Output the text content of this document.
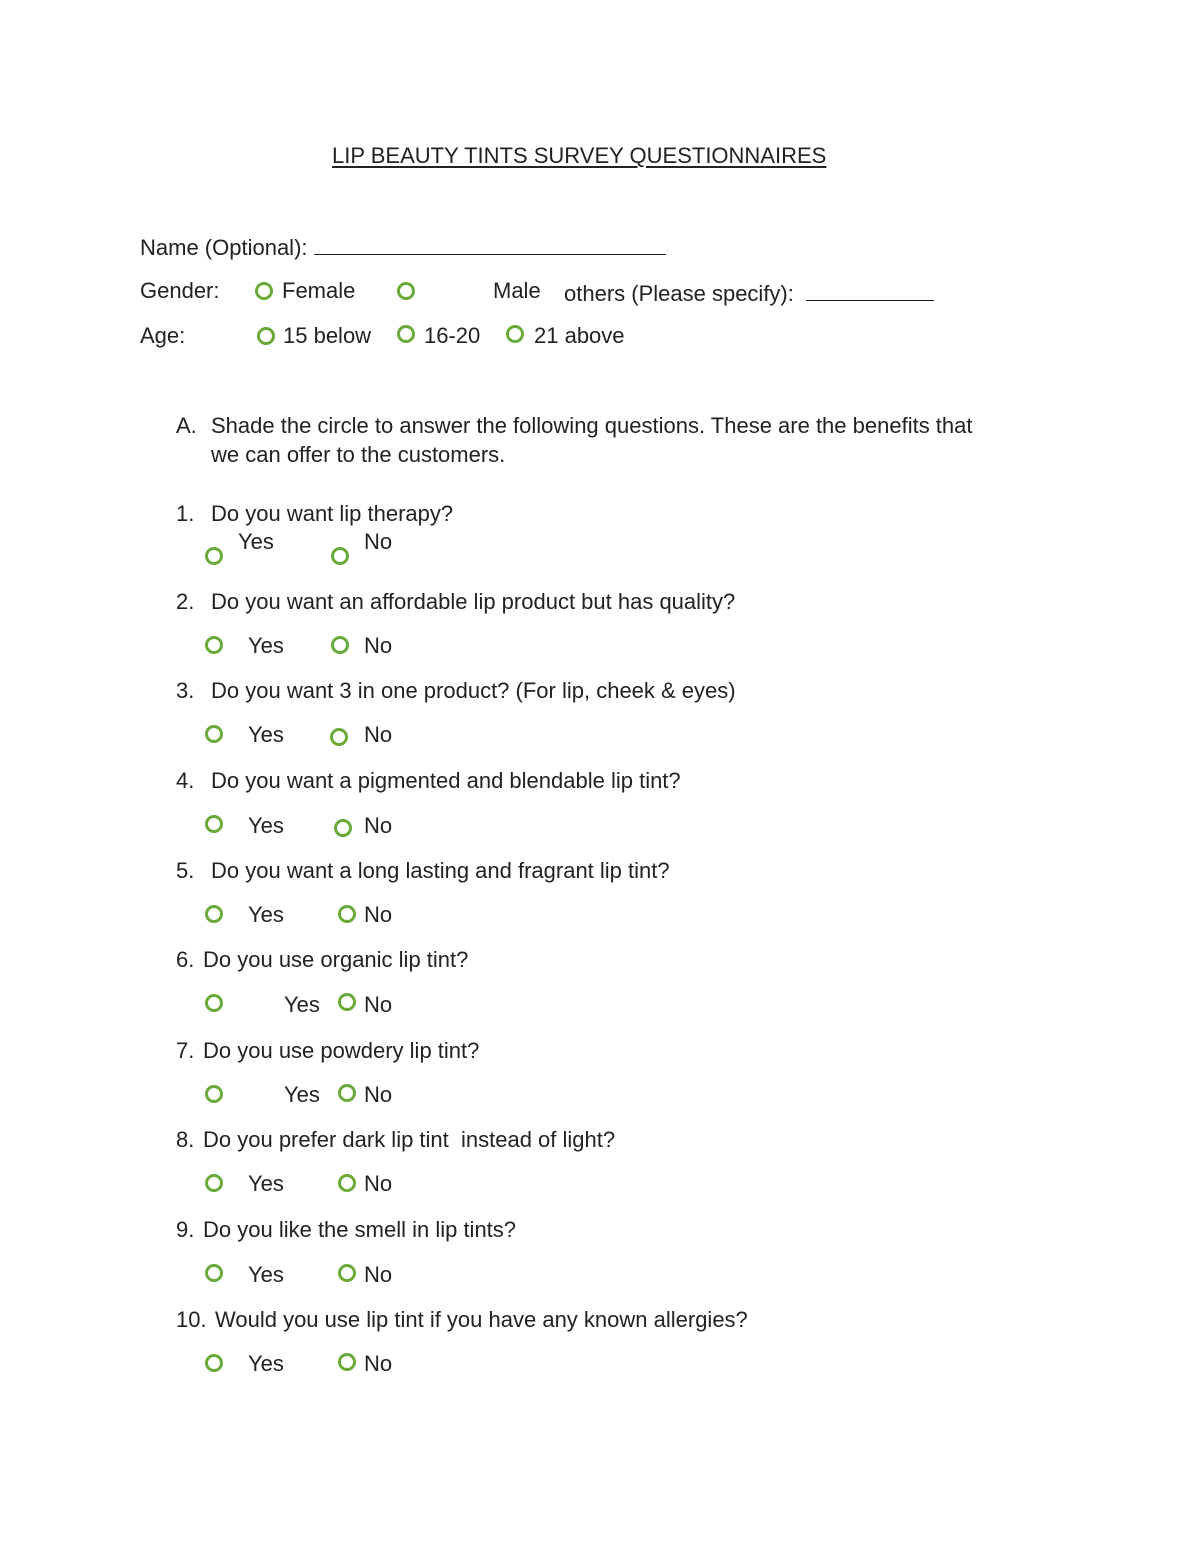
LIP BEAUTY TINTS SURVEY QUESTIONNAIRES
Name (Optional):
Gender:	Female	Male others (Please specify):
Age:	15 below 16-20 21 above
A. Shade the circle to answer the following questions. These are the benefits that
we can offer to the customers.
1. Do you want lip therapy?
Yes	No
2. Do you want an affordable lip product but has quality?
Yes	No
3. Do you want 3 in one product? (For lip, cheek & eyes)
Yes	No
4. Do you want a pigmented and blendable lip tint?
Yes	No
5. Do you want a long lasting and fragrant lip tint?
Yes	No
6. Do you use organic lip tint?
Yes No
7. Do you use powdery lip tint?
Yes No
8. Do you prefer dark lip tint  instead of light?
Yes	No
9. Do you like the smell in lip tints?
Yes	No
10. Would you use lip tint if you have any known allergies?
Yes	No
